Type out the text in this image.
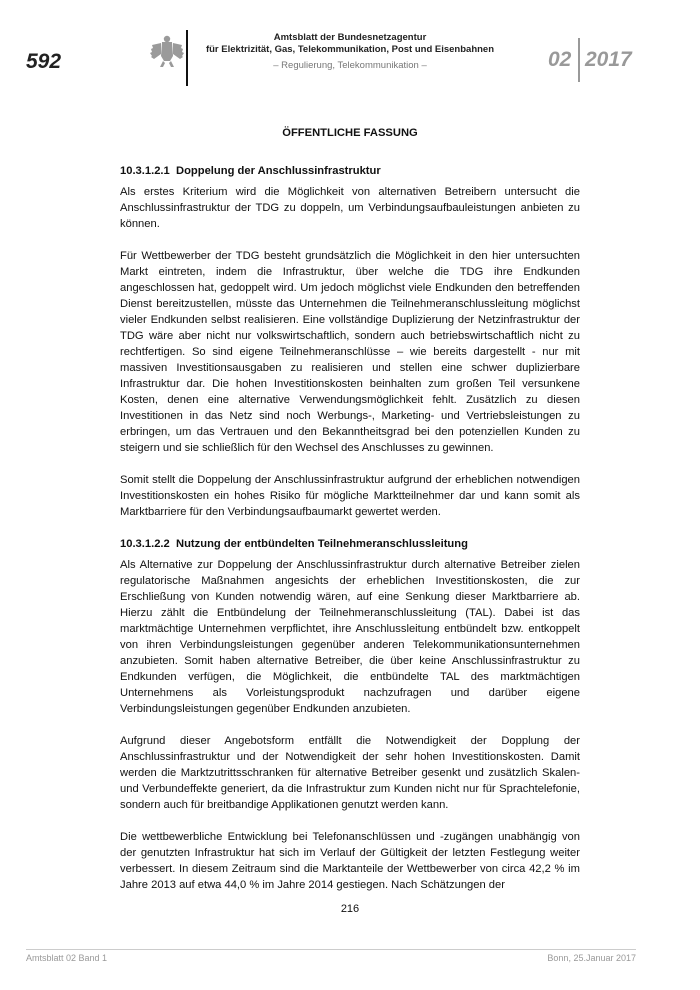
592
Amtsblatt der Bundesnetzagentur
für Elektrizität, Gas, Telekommunikation, Post und Eisenbahnen
– Regulierung, Telekommunikation –	02 2017
ÖFFENTLICHE FASSUNG
10.3.1.2.1 Doppelung der Anschlussinfrastruktur

Als erstes Kriterium wird die Möglichkeit von alternativen Betreibern untersucht die Anschlussinfrastruktur der TDG zu doppeln, um Verbindungsaufbauleistungen anbieten zu können.

Für Wettbewerber der TDG besteht grundsätzlich die Möglichkeit in den hier untersuchten Markt eintreten, indem die Infrastruktur, über welche die TDG ihre Endkunden angeschlossen hat, gedoppelt wird. Um jedoch möglichst viele Endkunden den betreffenden Dienst bereitzustellen, müsste das Unternehmen die Teilnehmeranschlussleitung möglichst vieler Endkunden selbst realisieren. Eine vollständige Duplizierung der Netzinfrastruktur der TDG wäre aber nicht nur volkswirtschaftlich, sondern auch betriebswirtschaftlich nicht zu rechtfertigen. So sind eigene Teilnehmeranschlüsse – wie bereits dargestellt - nur mit massiven Investitionsausgaben zu realisieren und stellen eine schwer duplizierbare Infrastruktur dar. Die hohen Investitionskosten beinhalten zum großen Teil versunkene Kosten, denen eine alternative Verwendungsmöglichkeit fehlt. Zusätzlich zu diesen Investitionen in das Netz sind noch Werbungs-, Marketing- und Vertriebsleistungen zu erbringen, um das Vertrauen und den Bekanntheitsgrad bei den potenziellen Kunden zu steigern und sie schließlich für den Wechsel des Anschlusses zu gewinnen.

Somit stellt die Doppelung der Anschlussinfrastruktur aufgrund der erheblichen notwendigen Investitionskosten ein hohes Risiko für mögliche Marktteilnehmer dar und kann somit als Marktbarriere für den Verbindungsaufbaumarkt gewertet werden.

10.3.1.2.2 Nutzung der entbündelten Teilnehmeranschlussleitung

Als Alternative zur Doppelung der Anschlussinfrastruktur durch alternative Betreiber zielen regulatorische Maßnahmen angesichts der erheblichen Investitionskosten, die zur Erschließung von Kunden notwendig wären, auf eine Senkung dieser Marktbarriere ab. Hierzu zählt die Entbündelung der Teilnehmeranschlussleitung (TAL). Dabei ist das marktmächtige Unternehmen verpflichtet, ihre Anschlussleitung entbündelt bzw. entkoppelt von ihren Verbindungsleistungen gegenüber anderen Telekommunikationsunternehmen anzubieten. Somit haben alternative Betreiber, die über keine Anschlussinfrastruktur zu Endkunden verfügen, die Möglichkeit, die entbündelte TAL des marktmächtigen Unternehmens als Vorleistungsprodukt nachzufragen und darüber eigene Verbindungsleistungen gegenüber Endkunden anzubieten.

Aufgrund dieser Angebotsform entfällt die Notwendigkeit der Dopplung der Anschlussinfrastruktur und der Notwendigkeit der sehr hohen Investitionskosten. Damit werden die Marktzutrittsschranken für alternative Betreiber gesenkt und zusätzlich Skalen- und Verbundeffekte generiert, da die Infrastruktur zum Kunden nicht nur für Sprachtelefonie, sondern auch für breitbandige Applikationen genutzt werden kann.

Die wettbewerbliche Entwicklung bei Telefonanschlüssen und -zugängen unabhängig von der genutzten Infrastruktur hat sich im Verlauf der Gültigkeit der letzten Festlegung weiter verbessert. In diesem Zeitraum sind die Marktanteile der Wettbewerber von circa 42,2 % im Jahre 2013 auf etwa 44,0 % im Jahre 2014 gestiegen. Nach Schätzungen der

216
Amtsblatt 02 Band 1	Bonn, 25.Januar 2017
